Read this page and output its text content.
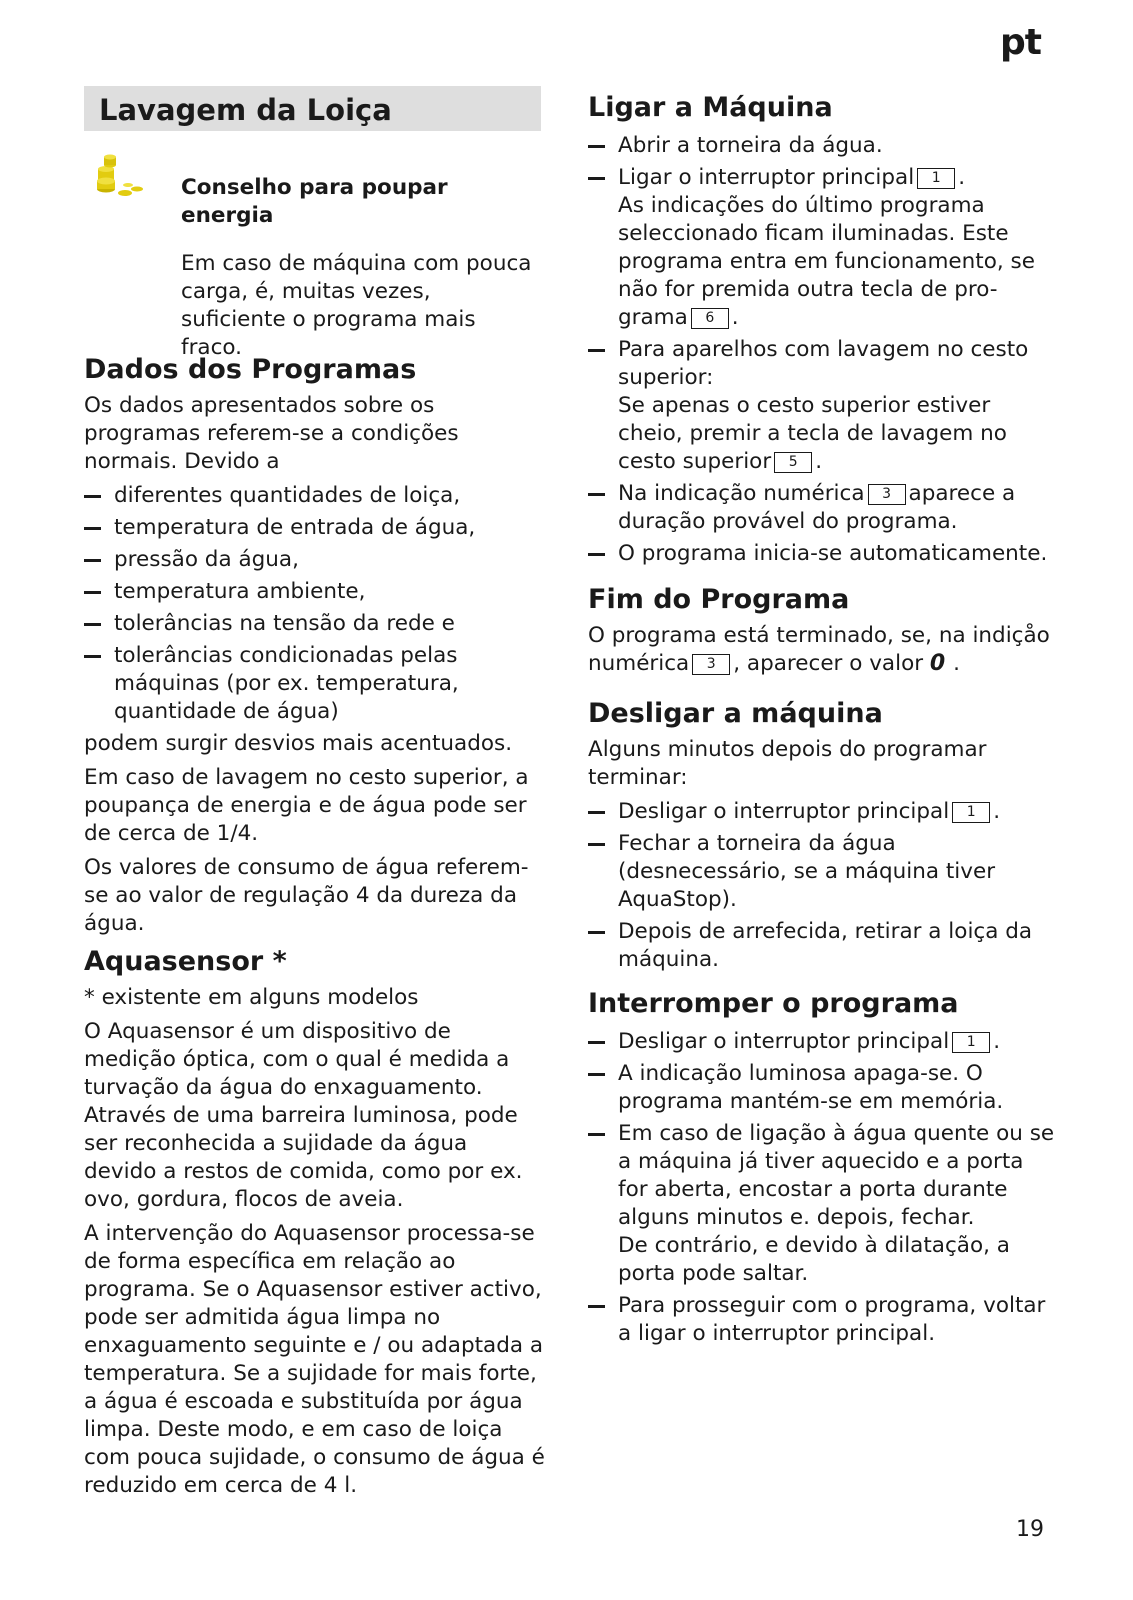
pt
Lavagem da Loiça

Conselho para poupar energia

Em caso de máquina com pouca carga, é, muitas vezes, suficiente o programa mais fraco.

Dados dos Programas

Os dados apresentados sobre os programas referem-se a condições normais. Devido a

diferentes quantidades de loiça,
temperatura de entrada de água,
pressão da água,
temperatura ambiente,
tolerâncias na tensão da rede e
tolerâncias condicionadas pelas máquinas (por ex. temperatura, quantidade de água)

podem surgir desvios mais acentuados.

Em caso de lavagem no cesto superior, a poupança de energia e de água pode ser de cerca de 1/4.

Os valores de consumo de água referem-se ao valor de regulação 4 da dureza da água.

Aquasensor *

* existente em alguns modelos

O Aquasensor é um dispositivo de medição óptica, com o qual é medida a turvação da água do enxaguamento. Através de uma barreira luminosa, pode ser reconhecida a sujidade da água devido a restos de comida, como por ex. ovo, gordura, flocos de aveia.

A intervenção do Aquasensor processa-se de forma específica em relação ao programa. Se o Aquasensor estiver activo, pode ser admitida água limpa no enxaguamento seguinte e / ou adaptada a temperatura. Se a sujidade for mais forte, a água é escoada e substituída por água limpa. Deste modo, e em caso de loiça com pouca sujidade, o consumo de água é reduzido em cerca de 4 l.

Ligar a Máquina
Abrir a torneira da água.
Ligar o interruptor principal 1 .
As indicações do último programa seleccionado ficam iluminadas. Este programa entra em funcionamento, se não for premida outra tecla de pro-grama 6 .
Para aparelhos com lavagem no cesto superior:
Se apenas o cesto superior estiver cheio, premir a tecla de lavagem no cesto superior 5 .
Na indicação numérica 3 aparece a duração provável do programa.
O programa inicia-se automaticamente.
Fim do Programa

O programa está terminado, se, na indiçåo numérica 3 , aparecer o valor 0 .

Desligar a máquina

Alguns minutos depois do programar terminar:

Desligar o interruptor principal 1 .
Fechar a torneira da água (desnecessário, se a máquina tiver AquaStop).
Depois de arrefecida, retirar a loiça da máquina.
Interromper o programa
Desligar o interruptor principal 1 .
A indicação luminosa apaga-se. O programa mantém-se em memória.
Em caso de ligação à água quente ou se a máquina já tiver aquecido e a porta for aberta, encostar a porta durante alguns minutos e. depois, fechar.
De contrário, e devido à dilatação, a porta pode saltar.
Para prosseguir com o programa, voltar a ligar o interruptor principal.
19
